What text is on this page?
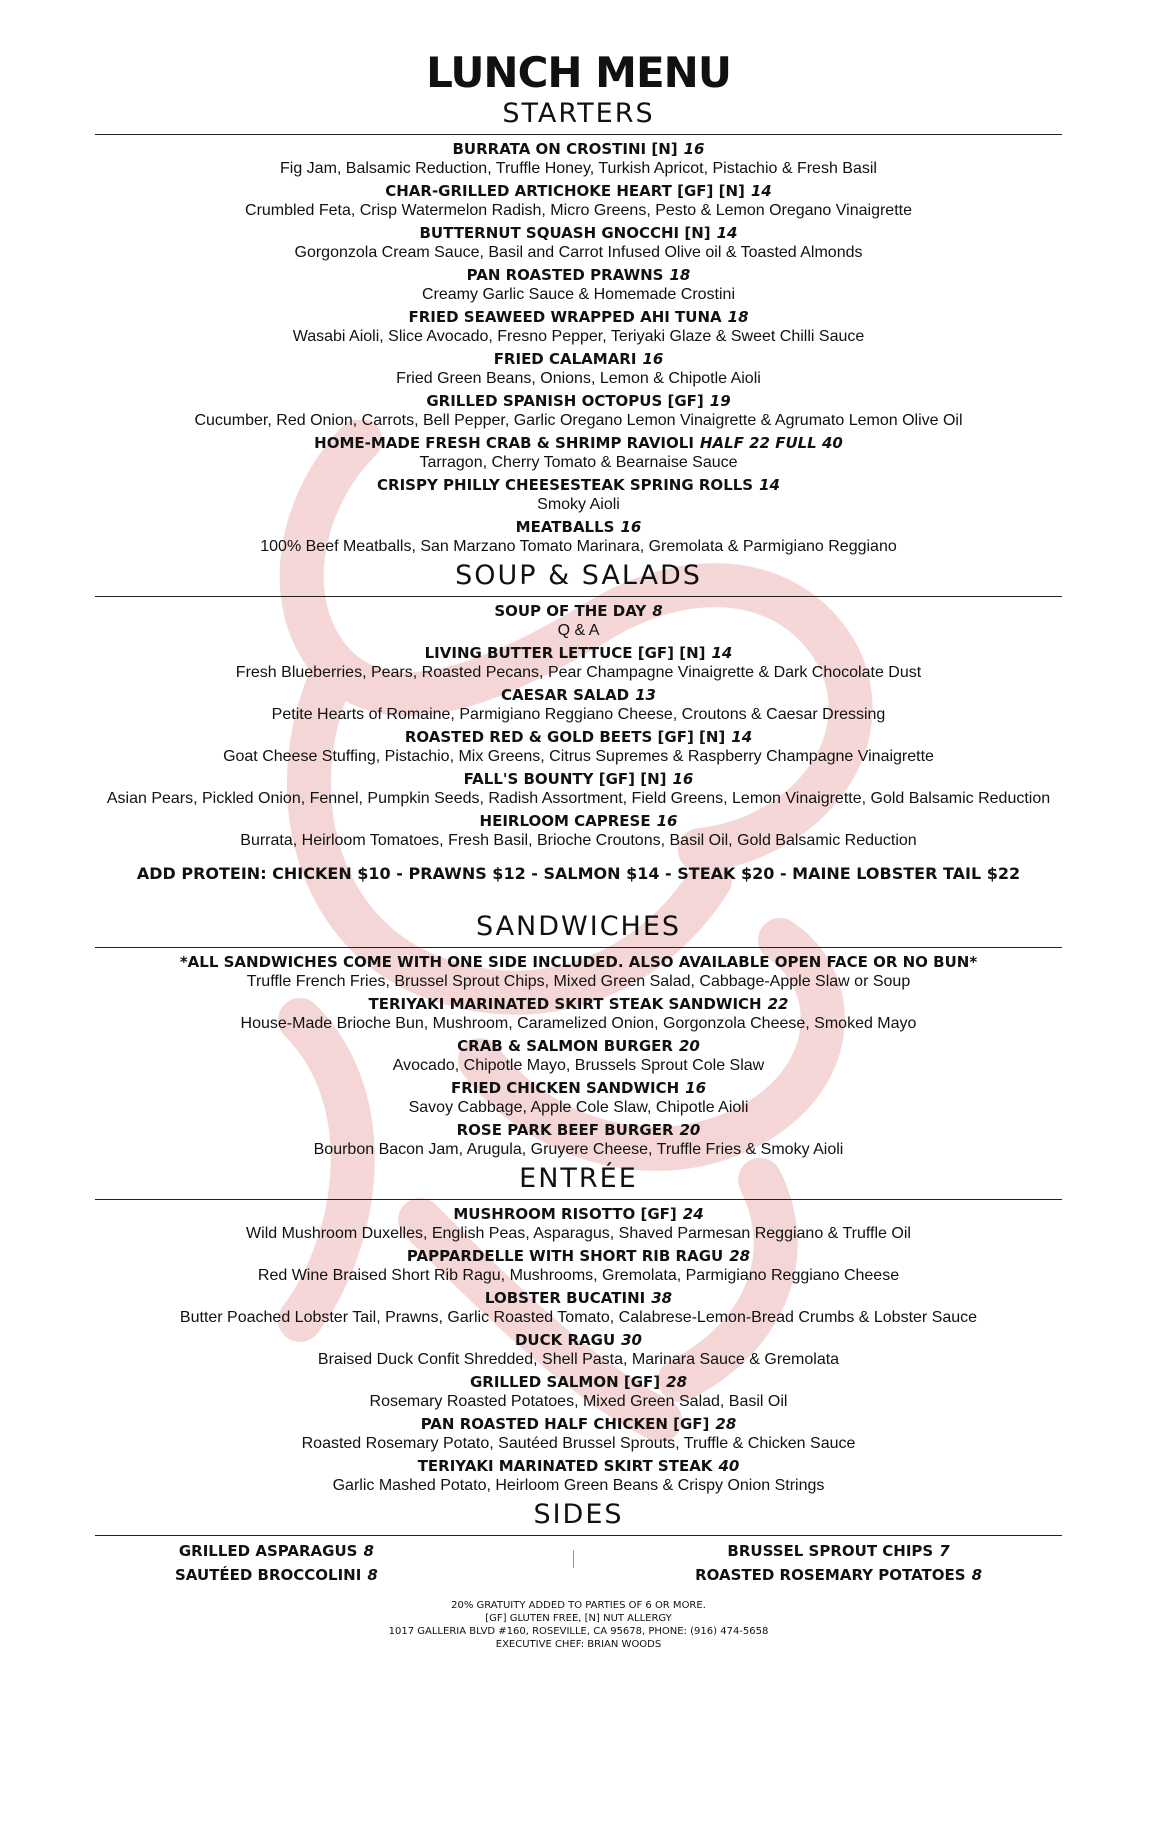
LUNCH MENU
STARTERS
BURRATA ON CROSTINI [N] 16
Fig Jam, Balsamic Reduction, Truffle Honey, Turkish Apricot, Pistachio & Fresh Basil
CHAR-GRILLED ARTICHOKE HEART [GF] [N] 14
Crumbled Feta, Crisp Watermelon Radish, Micro Greens, Pesto & Lemon Oregano Vinaigrette
BUTTERNUT SQUASH GNOCCHI [N] 14
Gorgonzola Cream Sauce, Basil and Carrot Infused Olive oil & Toasted Almonds
PAN ROASTED PRAWNS 18
Creamy Garlic Sauce & Homemade Crostini
FRIED SEAWEED WRAPPED AHI TUNA 18
Wasabi Aioli, Slice Avocado, Fresno Pepper, Teriyaki Glaze & Sweet Chilli Sauce
FRIED CALAMARI 16
Fried Green Beans, Onions, Lemon & Chipotle Aioli
GRILLED SPANISH OCTOPUS [GF] 19
Cucumber, Red Onion, Carrots, Bell Pepper, Garlic Oregano Lemon Vinaigrette & Agrumato Lemon Olive Oil
HOME-MADE FRESH CRAB & SHRIMP RAVIOLI HALF 22 FULL 40
Tarragon, Cherry Tomato & Bearnaise Sauce
CRISPY PHILLY CHEESESTEAK SPRING ROLLS 14
Smoky Aioli
MEATBALLS 16
100% Beef Meatballs, San Marzano Tomato Marinara, Gremolata & Parmigiano Reggiano
SOUP & SALADS
SOUP OF THE DAY 8
Q & A
LIVING BUTTER LETTUCE [GF] [N] 14
Fresh Blueberries, Pears, Roasted Pecans, Pear Champagne Vinaigrette & Dark Chocolate Dust
CAESAR SALAD 13
Petite Hearts of Romaine, Parmigiano Reggiano Cheese, Croutons & Caesar Dressing
ROASTED RED & GOLD BEETS [GF] [N] 14
Goat Cheese Stuffing, Pistachio, Mix Greens, Citrus Supremes & Raspberry Champagne Vinaigrette
FALL'S BOUNTY [GF] [N] 16
Asian Pears, Pickled Onion, Fennel, Pumpkin Seeds, Radish Assortment, Field Greens, Lemon Vinaigrette, Gold Balsamic Reduction
HEIRLOOM CAPRESE 16
Burrata, Heirloom Tomatoes, Fresh Basil, Brioche Croutons, Basil Oil, Gold Balsamic Reduction
ADD PROTEIN: CHICKEN $10 - PRAWNS $12 - SALMON $14 - STEAK $20 - MAINE LOBSTER TAIL $22
SANDWICHES
*ALL SANDWICHES COME WITH ONE SIDE INCLUDED. ALSO AVAILABLE OPEN FACE OR NO BUN*
Truffle French Fries, Brussel Sprout Chips, Mixed Green Salad, Cabbage-Apple Slaw or Soup
TERIYAKI MARINATED SKIRT STEAK SANDWICH 22
House-Made Brioche Bun, Mushroom, Caramelized Onion, Gorgonzola Cheese, Smoked Mayo
CRAB & SALMON BURGER 20
Avocado, Chipotle Mayo, Brussels Sprout Cole Slaw
FRIED CHICKEN SANDWICH 16
Savoy Cabbage, Apple Cole Slaw, Chipotle Aioli
ROSE PARK BEEF BURGER 20
Bourbon Bacon Jam, Arugula, Gruyere Cheese, Truffle Fries & Smoky Aioli
ENTRÉE
MUSHROOM RISOTTO [GF] 24
Wild Mushroom Duxelles, English Peas, Asparagus, Shaved Parmesan Reggiano & Truffle Oil
PAPPARDELLE WITH SHORT RIB RAGU 28
Red Wine Braised Short Rib Ragu, Mushrooms, Gremolata, Parmigiano Reggiano Cheese
LOBSTER BUCATINI 38
Butter Poached Lobster Tail, Prawns, Garlic Roasted Tomato, Calabrese-Lemon-Bread Crumbs & Lobster Sauce
DUCK RAGU 30
Braised Duck Confit Shredded, Shell Pasta, Marinara Sauce & Gremolata
GRILLED SALMON [GF] 28
Rosemary Roasted Potatoes, Mixed Green Salad, Basil Oil
PAN ROASTED HALF CHICKEN [GF] 28
Roasted Rosemary Potato, Sautéed Brussel Sprouts, Truffle & Chicken Sauce
TERIYAKI MARINATED SKIRT STEAK 40
Garlic Mashed Potato, Heirloom Green Beans & Crispy Onion Strings
SIDES
GRILLED ASPARAGUS 8
SAUTÉED BROCCOLINI 8
BRUSSEL SPROUT CHIPS 7
ROASTED ROSEMARY POTATOES 8
20% GRATUITY ADDED TO PARTIES OF 6 OR MORE.
[GF] GLUTEN FREE, [N] NUT ALLERGY
1017 GALLERIA BLVD #160, ROSEVILLE, CA 95678, PHONE: (916) 474-5658
EXECUTIVE CHEF: BRIAN WOODS
